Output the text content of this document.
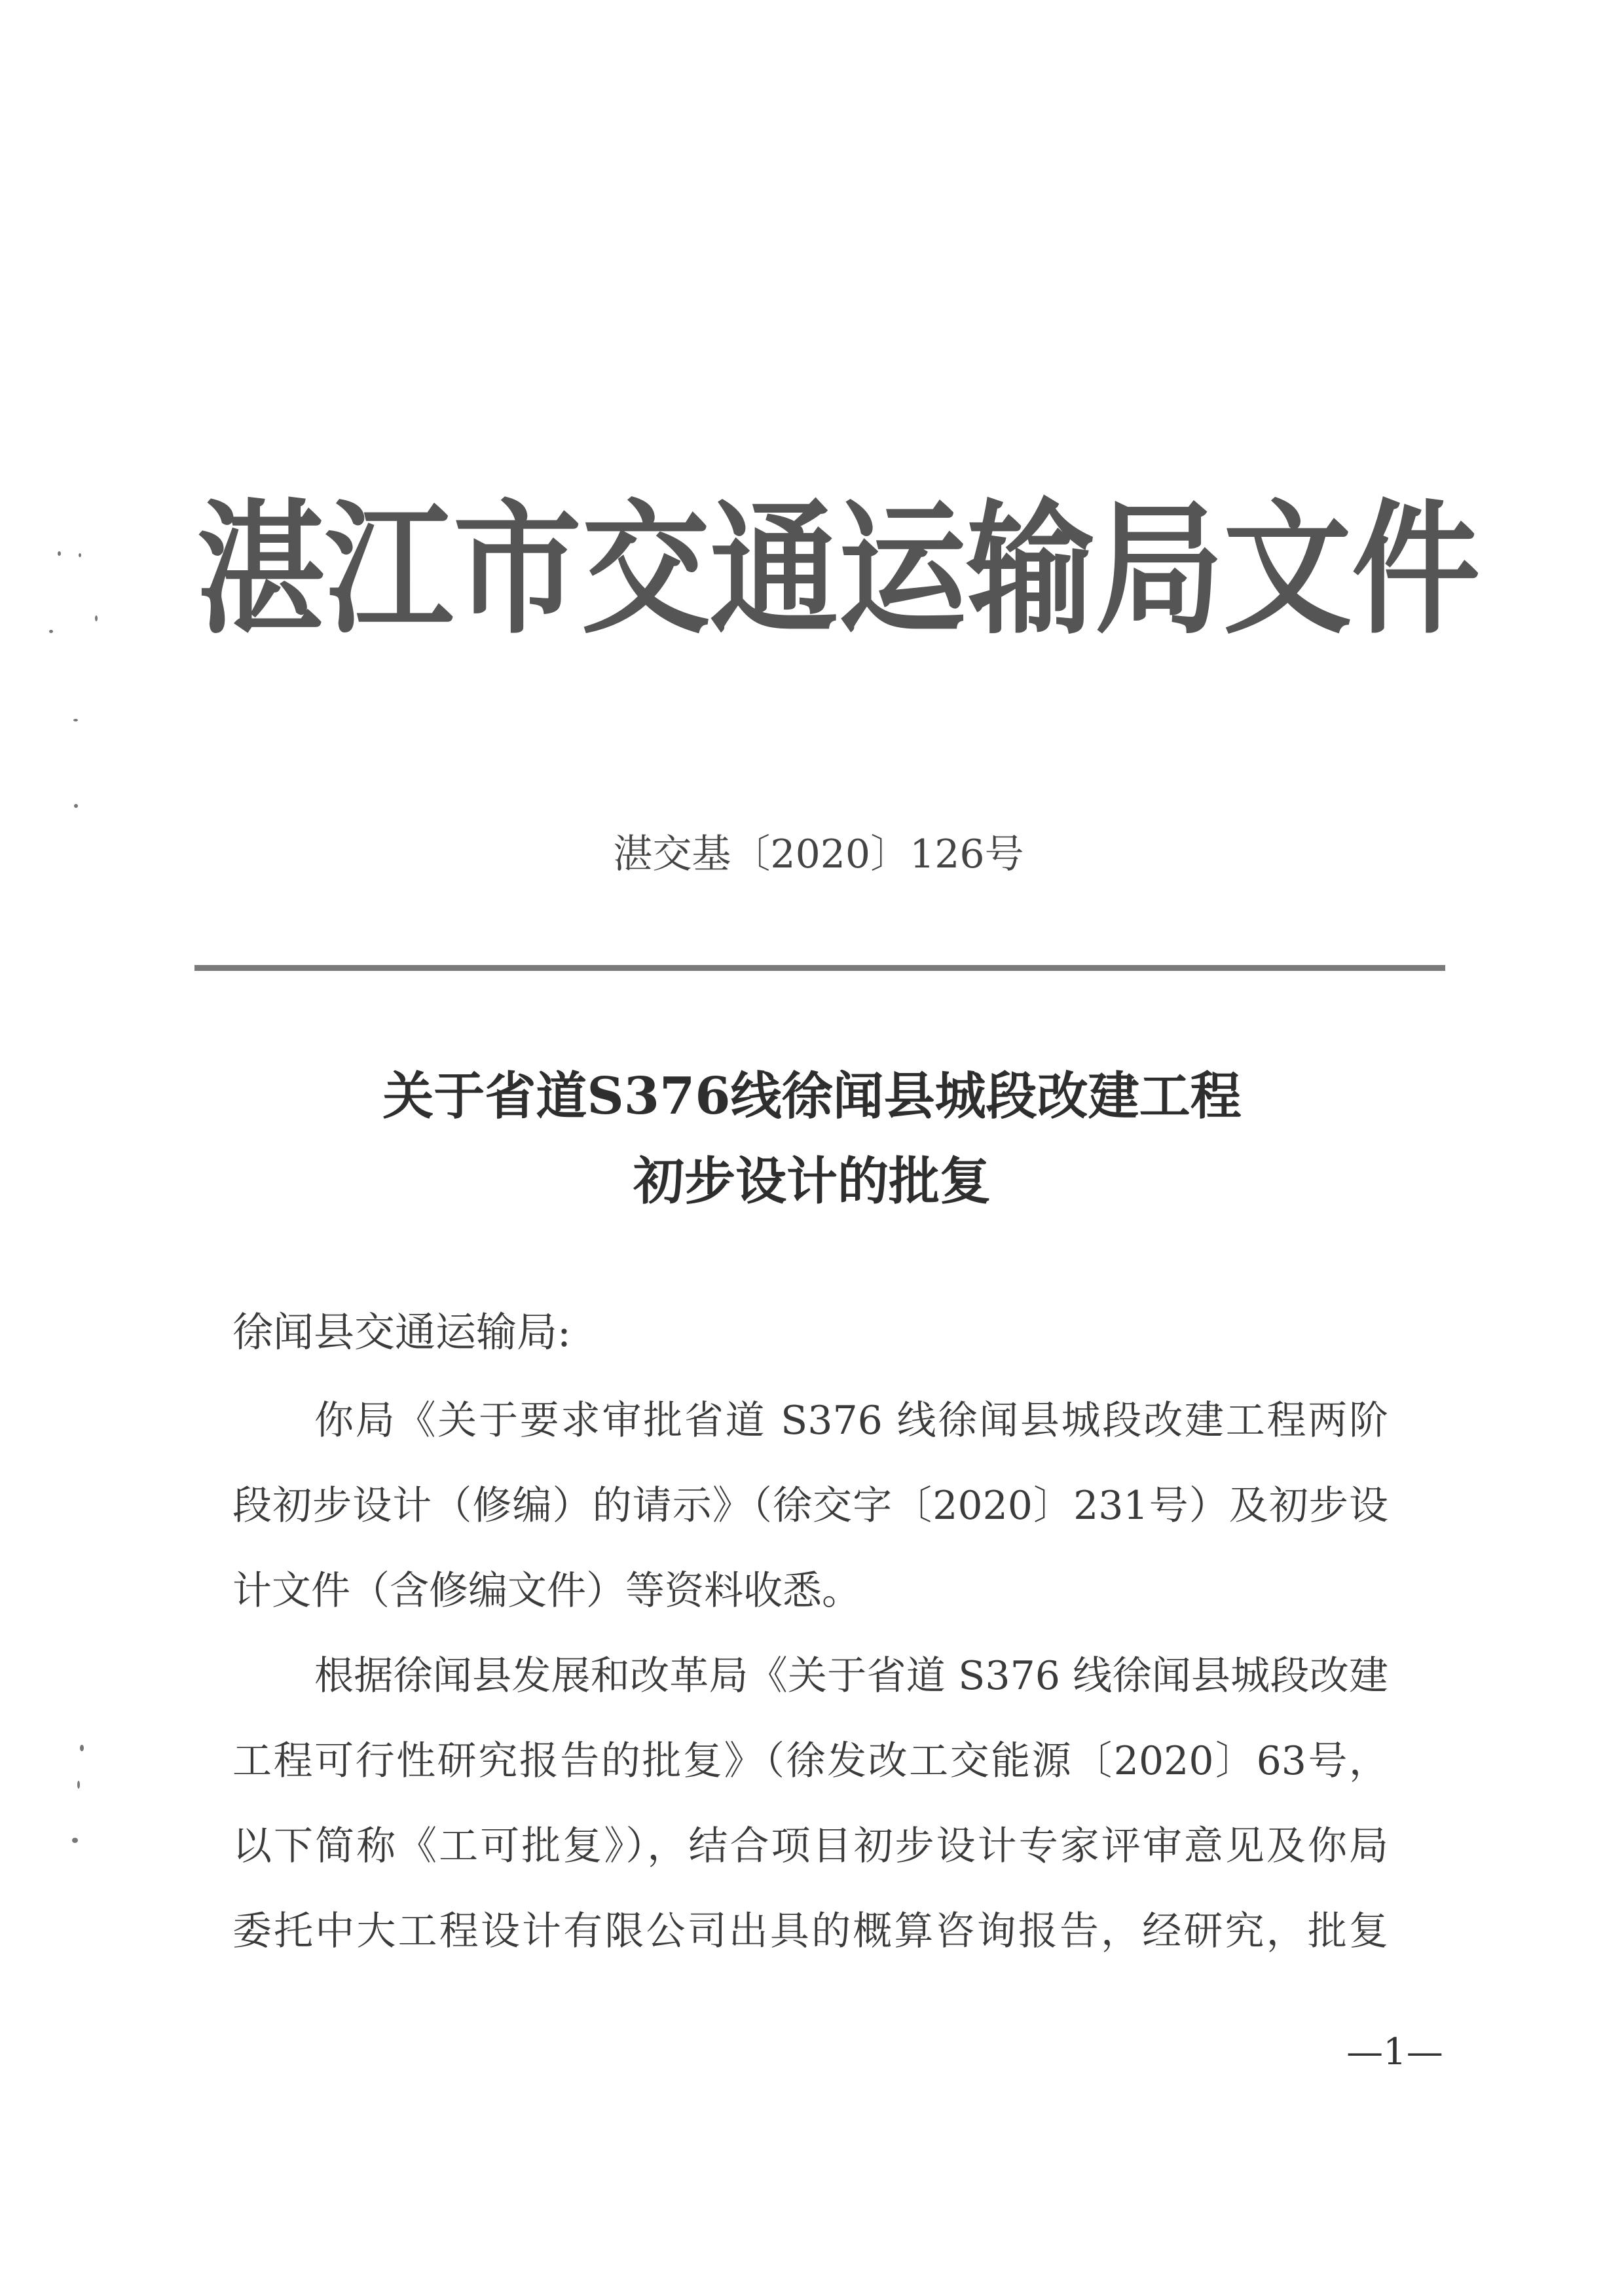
湛江市交通运输局文件
湛交基〔2020〕126号
关于省道S376线徐闻县城段改建工程
初步设计的批复
徐闻县交通运输局:
你局《关于要求审批省道 S376 线徐闻县城段改建工程两阶
段初步设计（修编）的请示》（徐交字〔2020〕231号）及初步设
计文件（含修编文件）等资料收悉。
根据徐闻县发展和改革局《关于省道 S376 线徐闻县城段改建
工程可行性研究报告的批复》（徐发改工交能源〔2020〕63号，
以下简称《工可批复》），结合项目初步设计专家评审意见及你局
委托中大工程设计有限公司出具的概算咨询报告，经研究，批复
—1—
